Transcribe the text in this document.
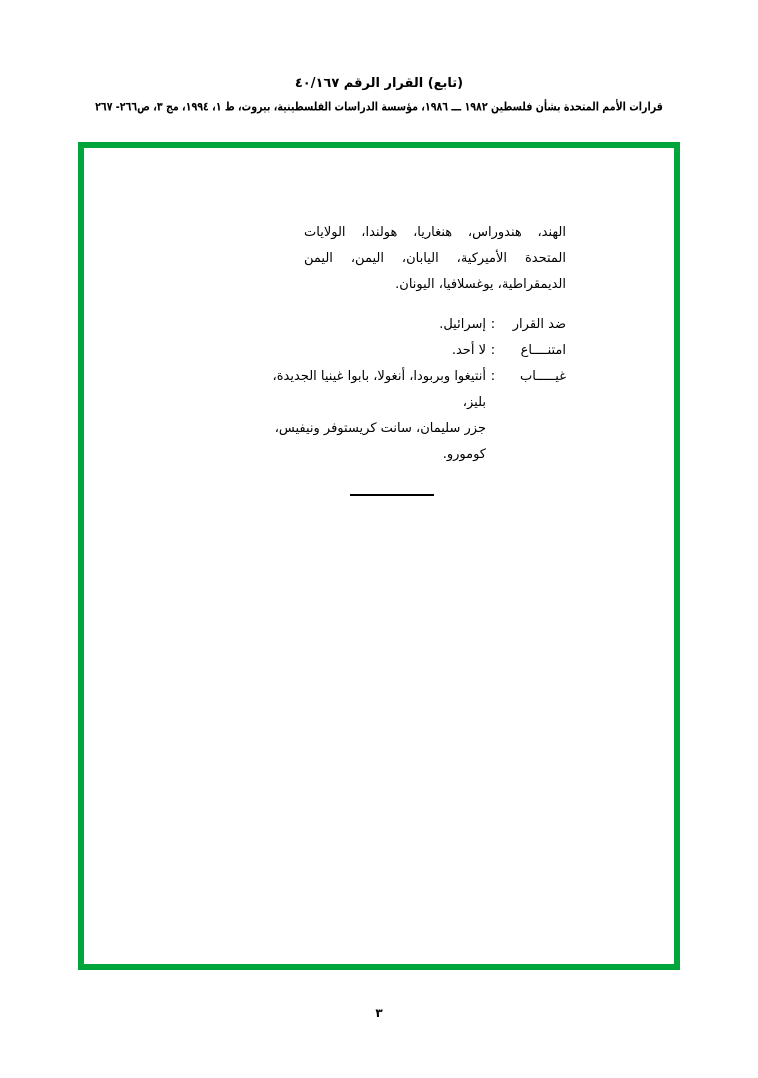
(تابع) القرار الرقم ٤٠/١٦٧
قرارات الأمم المتحدة بشأن فلسطين ١٩٨٢ ـــ ١٩٨٦، مؤسسة الدراسات الفلسطينية، بيروت، ط ١، ١٩٩٤، مج ٣، ص٢٦٦- ٢٦٧
الهند، هندوراس، هنغاريا، هولندا، الولايات
المتحدة الأميركية، اليابان، اليمن، اليمن
الديمقراطية، يوغسلافيا، اليونان.
ضد القرار
:
إسرائيل.
امتنــــاع
:
لا أحد.
غيـــــاب
:
أنتيغوا وبربودا، أنغولا، بابوا غينيا الجديدة، بليز،
جزر سليمان، سانت كريستوفر ونيفيس، كومورو.
٣
